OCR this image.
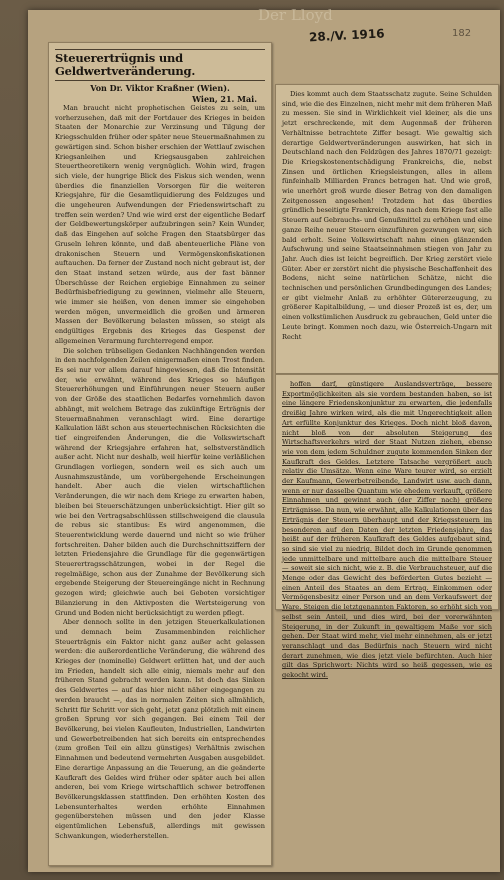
Der Lloyd
28./V. 1916	182
Steuerertrügnis und Geldwertveränderung.
Von Dr. Viktor Kraßner (Wien).
Wien, 21. Mai.

Man braucht nicht prophetischen Geistes zu sein, um vorherzusehen, daß mit der Fortdauer des Krieges in beiden Staaten der Monarchie zur Verzinsung und Tilgung der Kriegsschulden früher oder später neue Steuermaßnahmen zu gewärtigen sind. Schon bisher erschien der Wettlauf zwischen Kriegsanleihen und Kriegsausgaben zahlreichen Steuertheoretikern wenig vergnüglich. Wohin wird, fragen sich viele, der hungrige Blick des Fiskus sich wenden, wenn überdies die finanziellen Vorsorgen für die weiteren Kriegsjahre, für die Gesamtliquidierung des Feldzuges und die ungeheuren Aufwendungen der Friedenswirtschaft zu treffen sein werden? Und wie wird erst der eigentliche Bedarf der Geldbewertungskörper aufzubringen sein? Kein Wunder, daß das Eingehen auf solche Fragen den Staatsbürger das Gruseln lehren könnte, und daß abenteuerliche Pläne von drakonischen Steuern und Vermögenskonfiskationen auftauchen. Da ferner der Zustand noch nicht gebraut ist, der den Staat instand setzen würde, aus der fast bänner Überschüsse der Reichen ergiebige Einnahmen zu seiner Bedürfnisbefriedigung zu gewinnen, vielmehr alle Steuern, wie immer sie heißen, von denen immer sie eingehoben werden mögen, unvermeidlich die großen und ärmeren Massen der Bevölkerung belasten müssen, so steigt als endgültiges Ergebnis des Krieges das Gespenst der allgemeinen Verarmung furchterregend empor.

Die solchen trübseligen Gedanken Nachhängenden werden in den nachfolgenden Zeilen einigermaßen einen Trost finden. Es sei nur vor allem darauf hingewiesen, daß die Intensität der, wie erwähnt, während des Krieges so häufigen Steuererhöhungen und Einführungen neuer Steuern außer von der Größe des staatlichen Bedarfes vornehmlich davon abhängt, mit welchem Betrage das zukünftige Erträgnis der Steuermaßnahmen veranschlagt wird. Eine derartige Kalkulation läßt schon aus steuertechnischen Rücksichten die tief eingreifenden Änderungen, die die Volkswirtschaft während der Kriegsjahre erfahren hat, selbstverständlich außer acht. Nicht nur deshalb, weil hierfür keine verläßlichen Grundlagen vorliegen, sondern weil es sich auch um Ausnahmszustände, um vorübergehende Erscheinungen handelt. Aber auch die vielen wirtschaftlichen Veränderungen, die wir nach dem Kriege zu erwarten haben, bleiben bei Steuerschätzungen unberücksichtigt. Hier gilt so wie bei den Vertragsabschlüssen stillschweigend die clausula de rebus sic stantibus: Es wird angenommen, die Steuerentwicklung werde dauernd und nicht so wie früher fortschreiten. Daher bilden auch die Durchschnittsziffern der letzten Friedensjahre die Grundlage für die gegenwärtigen Steuerertragsschätzungen, wobei in der Regel die regelmäßige, schon aus der Zunahme der Bevölkerung sich ergebende Steigerung der Steuereingänge nicht in Rechnung gezogen wird; gleichwie auch bei Geboten vorsichtiger Bilanzierung in den Aktivposten die Wertsteigerung von Grund und Boden nicht berücksichtigt zu werden pflegt.

Aber dennoch sollte in den jetzigen Steuerkalkulationen und demnach beim Zusammenbinden reichlicher Steuerträgnis ein Faktor nicht ganz außer acht gelassen werden: die außerordentliche Veränderung, die während des Krieges der (nominelle) Geldwert erlitten hat, und der auch im Frieden, handelt sich alle einig, niemals mehr auf den früheren Stand gebracht werden kann. Ist doch das Sinken des Geldwertes — auf das hier nicht näher eingegangen zu werden braucht —, das in normalen Zeiten sich allmählich, Schritt für Schritt vor sich geht, jetzt ganz plötzlich mit einem großen Sprung vor sich gegangen. Bei einem Teil der Bevölkerung, bei vielen Kaufleuten, Industriellen, Landwirten und Gewerbetreibenden hat sich bereits ein entsprechendes (zum großen Teil ein allzu günstiges) Verhältnis zwischen Einnahmen und bedeutend vermehrten Ausgaben ausgebildet. Eine derartige Anpassung an die Teuerung, an die geänderte Kaufkraft des Geldes wird früher oder später auch bei allen anderen, bei vom Kriege wirtschaftlich schwer betroffenen Bevölkerungsklassen stattfinden. Den erhöhten Kosten des Lebensunterhaltes werden erhöhte Einnahmen gegenüberstehen müssen und den jeder Klasse eigentümlichen Lebensfuß, allerdings mit gewissen Schwankungen, wiederherstellen.

Dies kommt auch dem Staatsschatz zugute. Seine Schulden sind, wie die des Einzelnen, nicht mehr mit dem früheren Maß zu messen. Sie sind in Wirklichkeit viel kleiner, als die uns jetzt erschreckende, mit dem Augenmaß der früheren Verhältnisse betrachtete Ziffer besagt. Wie gewaltig sich derartige Geldwertveränderungen auswirken, hat sich in Deutschland nach den Feldzügen des Jahres 1870/71 gezeigt: Die Kriegskostenentschädigung Frankreichs, die, nebst Zinsen und örtlichen Kriegsleistungen, alles in allem fünfeinhalb Milliarden Francs betragen hat. Und wie groß, wie unerhört groß wurde dieser Betrag von den damaligen Zeitgenossen angesehen! Trotzdem hat das überdies gründlich beseitigte Frankreich, das nach dem Kriege fast alle Steuern auf Gebrauchs- und Genußmittel zu erhöhen und eine ganze Reihe neuer Steuern einzuführen gezwungen war, sich bald erholt. Seine Volkswirtschaft nahm einen glänzenden Aufschwung und seine Staatseinnahmen stiegen von Jahr zu Jahr. Auch dies ist leicht begreiflich. Der Krieg zerstört viele Güter. Aber er zerstört nicht die physische Beschaffenheit des Bodens, nicht seine natürlichen Schätze, nicht die technischen und persönlichen Grundbedingungen des Landes; er gibt vielmehr Anlaß zu erhöhter Gütererzeugung, zu größerer Kapitalbildung, — und dieser Prozeß ist es, der, um einen volkstümlichen Ausdruck zu gebrauchen, Geld unter die Leute bringt. Kommen noch dazu, wie Österreich-Ungarn mit Recht

hoffen darf, günstigere Auslandsverträge, bessere Exportmöglichkeiten als sie vordem bestanden haben, so ist eine längere Friedenskonjunktur zu erwarten, die jedenfalls dreißig Jahre wirken wird, als die mit Ungerechtigkeit allen Art erfüllte Konjunktur des Krieges. Doch nicht bloß davon, nicht bloß von der absoluten Steigerung des Wirtschaftsverkehrs wird der Staat Nutzen ziehen, ebenso wie von dem jedem Schuldner zugute kommenden Sinken der Kaufkraft des Geldes. Letztere Tatsache vergrößert auch relativ die Umsätze. Wenn eine Ware teurer wird, so erzielt der Kaufmann, Gewerbetreibende, Landwirt usw. auch dann, wenn er nur dasselbe Quantum wie ehedem verkauft, größere Einnahmen und gewinnt auch (der Ziffer nach) größere Erträgnisse. Da nun, wie erwähnt, alle Kalkulationen über das Erträgnis der Steuern überhaupt und der Kriegssteuern im besonderen auf den Daten der letzten Friedensjahre, das heißt auf der früheren Kaufkraft des Geldes aufgebaut sind, so sind sie viel zu niedrig. Bildet doch im Grunde genommen jede unmittelbare und mittelbare auch die mittelbare Steuer — soweit sie sich nicht, wie z. B. die Verbrauchsteuer, auf die Menge oder das Gewicht des beförderten Gutes bezieht — einen Anteil des Staates an dem Ertrag. Einkommen oder Vermögensbesitz einer Person und an dem Verkaufswert der Ware. Steigen die letztgenannten Faktoren, so erhöht sich von selbst sein Anteil, und dies wird, bei der vorerwähnten Steigerung, in der Zukunft in gewaltigem Maße vor sich gehen. Der Staat wird mehr, viel mehr einnehmen, als er jetzt veranschlagt und das Bedürfnis nach Steuern wird nicht derart zunehmen, wie dies jetzt viele befürchten. Auch hier gilt das Sprichwort: Nichts wird so heiß gegessen, wie es gekocht wird.
